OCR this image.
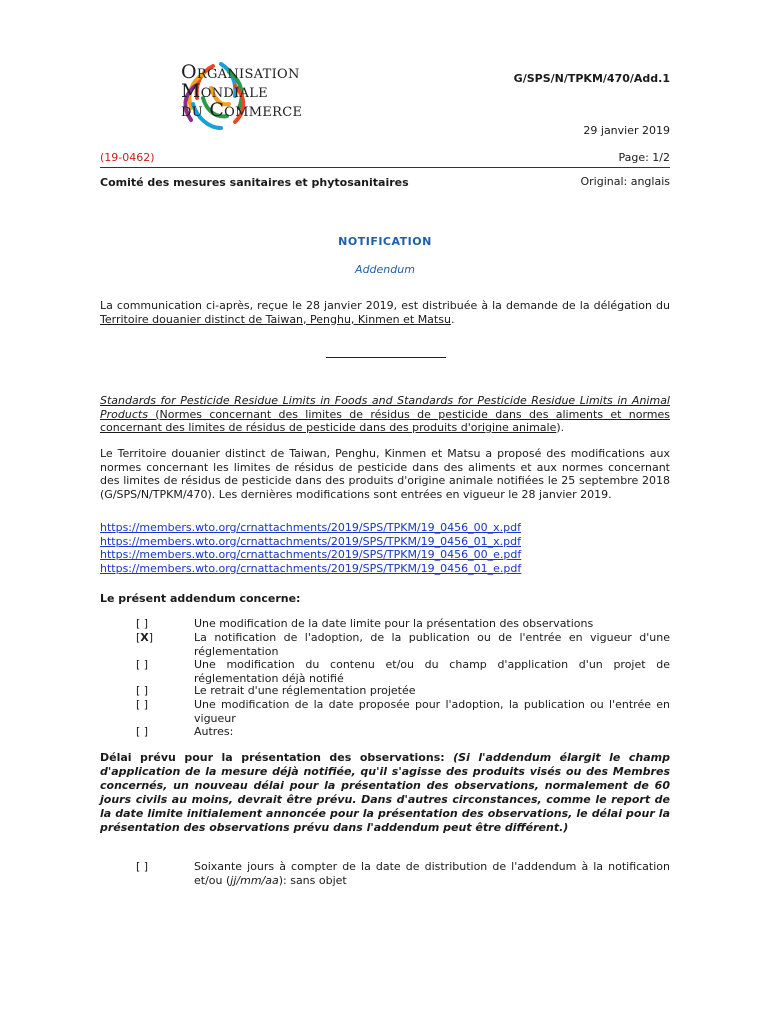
Organisation
Mondiale
du Commerce
G/SPS/N/TPKM/470/Add.1
29 janvier 2019
(19-0462)	Page: 1/2
Comité des mesures sanitaires et phytosanitaires	Original: anglais
NOTIFICATION
Addendum
La communication ci-après, reçue le 28 janvier 2019, est distribuée à la demande de la délégation du Territoire douanier distinct de Taiwan, Penghu, Kinmen et Matsu.
Standards for Pesticide Residue Limits in Foods and Standards for Pesticide Residue Limits in Animal Products (Normes concernant des limites de résidus de pesticide dans des aliments et normes concernant des limites de résidus de pesticide dans des produits d'origine animale).
Le Territoire douanier distinct de Taiwan, Penghu, Kinmen et Matsu a proposé des modifications aux normes concernant les limites de résidus de pesticide dans des aliments et aux normes concernant des limites de résidus de pesticide dans des produits d'origine animale notifiées le 25 septembre 2018 (G/SPS/N/TPKM/470). Les dernières modifications sont entrées en vigueur le 28 janvier 2019.
https://members.wto.org/crnattachments/2019/SPS/TPKM/19_0456_00_x.pdf
https://members.wto.org/crnattachments/2019/SPS/TPKM/19_0456_01_x.pdf
https://members.wto.org/crnattachments/2019/SPS/TPKM/19_0456_00_e.pdf
https://members.wto.org/crnattachments/2019/SPS/TPKM/19_0456_01_e.pdf
Le présent addendum concerne:
[ ]	Une modification de la date limite pour la présentation des observations
[X]	La notification de l'adoption, de la publication ou de l'entrée en vigueur d'une réglementation
[ ]	Une modification du contenu et/ou du champ d'application d'un projet de réglementation déjà notifié
[ ]	Le retrait d'une réglementation projetée
[ ]	Une modification de la date proposée pour l'adoption, la publication ou l'entrée en vigueur
[ ]	Autres:
Délai prévu pour la présentation des observations: (Si l'addendum élargit le champ d'application de la mesure déjà notifiée, qu'il s'agisse des produits visés ou des Membres concernés, un nouveau délai pour la présentation des observations, normalement de 60 jours civils au moins, devrait être prévu. Dans d'autres circonstances, comme le report de la date limite initialement annoncée pour la présentation des observations, le délai pour la présentation des observations prévu dans l'addendum peut être différent.)
[ ]	Soixante jours à compter de la date de distribution de l'addendum à la notification et/ou (jj/mm/aa): sans objet
